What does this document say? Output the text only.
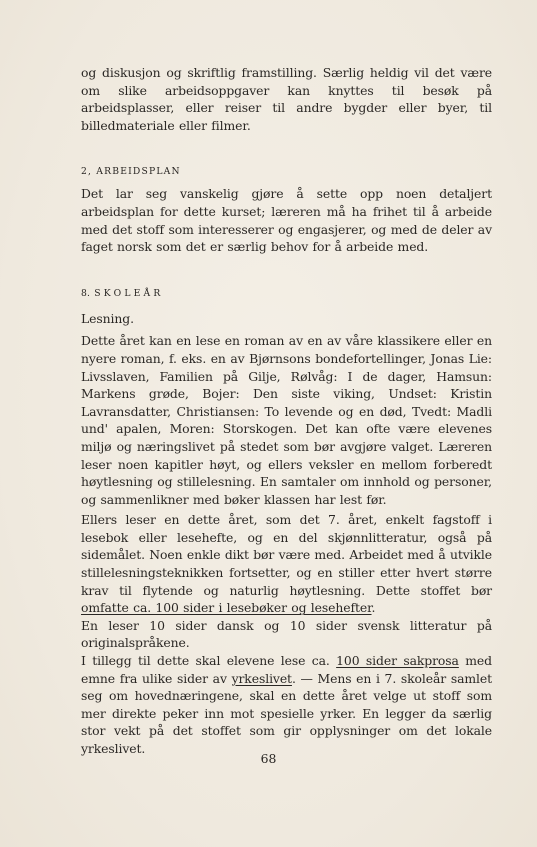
og diskusjon og skriftlig framstilling. Særlig heldig vil det være om slike arbeidsoppgaver kan knyttes til besøk på arbeidsplasser, eller reiser til andre bygder eller byer, til billedmateriale eller filmer.

2, ARBEIDSPLAN

Det lar seg vanskelig gjøre å sette opp noen detaljert arbeidsplan for dette kurset; læreren må ha frihet til å arbeide med det stoff som interesserer og engasjerer, og med de deler av faget norsk som det er særlig behov for å arbeide med.

8. SKOLEÅR

Lesning.

Dette året kan en lese en roman av en av våre klassikere eller en nyere roman, f. eks. en av Bjørnsons bondefortellinger, Jonas Lie: Livsslaven, Familien på Gilje, Rølvåg: I de dager, Hamsun: Markens grøde, Bojer: Den siste viking, Undset: Kristin Lavransdatter, Christiansen: To levende og en død, Tvedt: Madli und' apalen, Moren: Storskogen. Det kan ofte være elevenes miljø og næringslivet på stedet som bør avgjøre valget. Læreren leser noen kapitler høyt, og ellers veksler en mellom forberedt høytlesning og stillelesning. En samtaler om innhold og personer, og sammenlikner med bøker klassen har lest før.

Ellers leser en dette året, som det 7. året, enkelt fagstoff i lesebok eller lesehefte, og en del skjønnlitteratur, også på sidemålet. Noen enkle dikt bør være med. Arbeidet med å utvikle stillelesningsteknikken fortsetter, og en stiller etter hvert større krav til flytende og naturlig høytlesning. Dette stoffet bør omfatte ca. 100 sider i lesebøker og lesehefter.

En leser 10 sider dansk og 10 sider svensk litteratur på originalspråkene.

I tillegg til dette skal elevene lese ca. 100 sider sakprosa med emne fra ulike sider av yrkeslivet. — Mens en i 7. skoleår samlet seg om hovednæringene, skal en dette året velge ut stoff som mer direkte peker inn mot spesielle yrker. En legger da særlig stor vekt på det stoffet som gir opplysninger om det lokale yrkeslivet.

68
